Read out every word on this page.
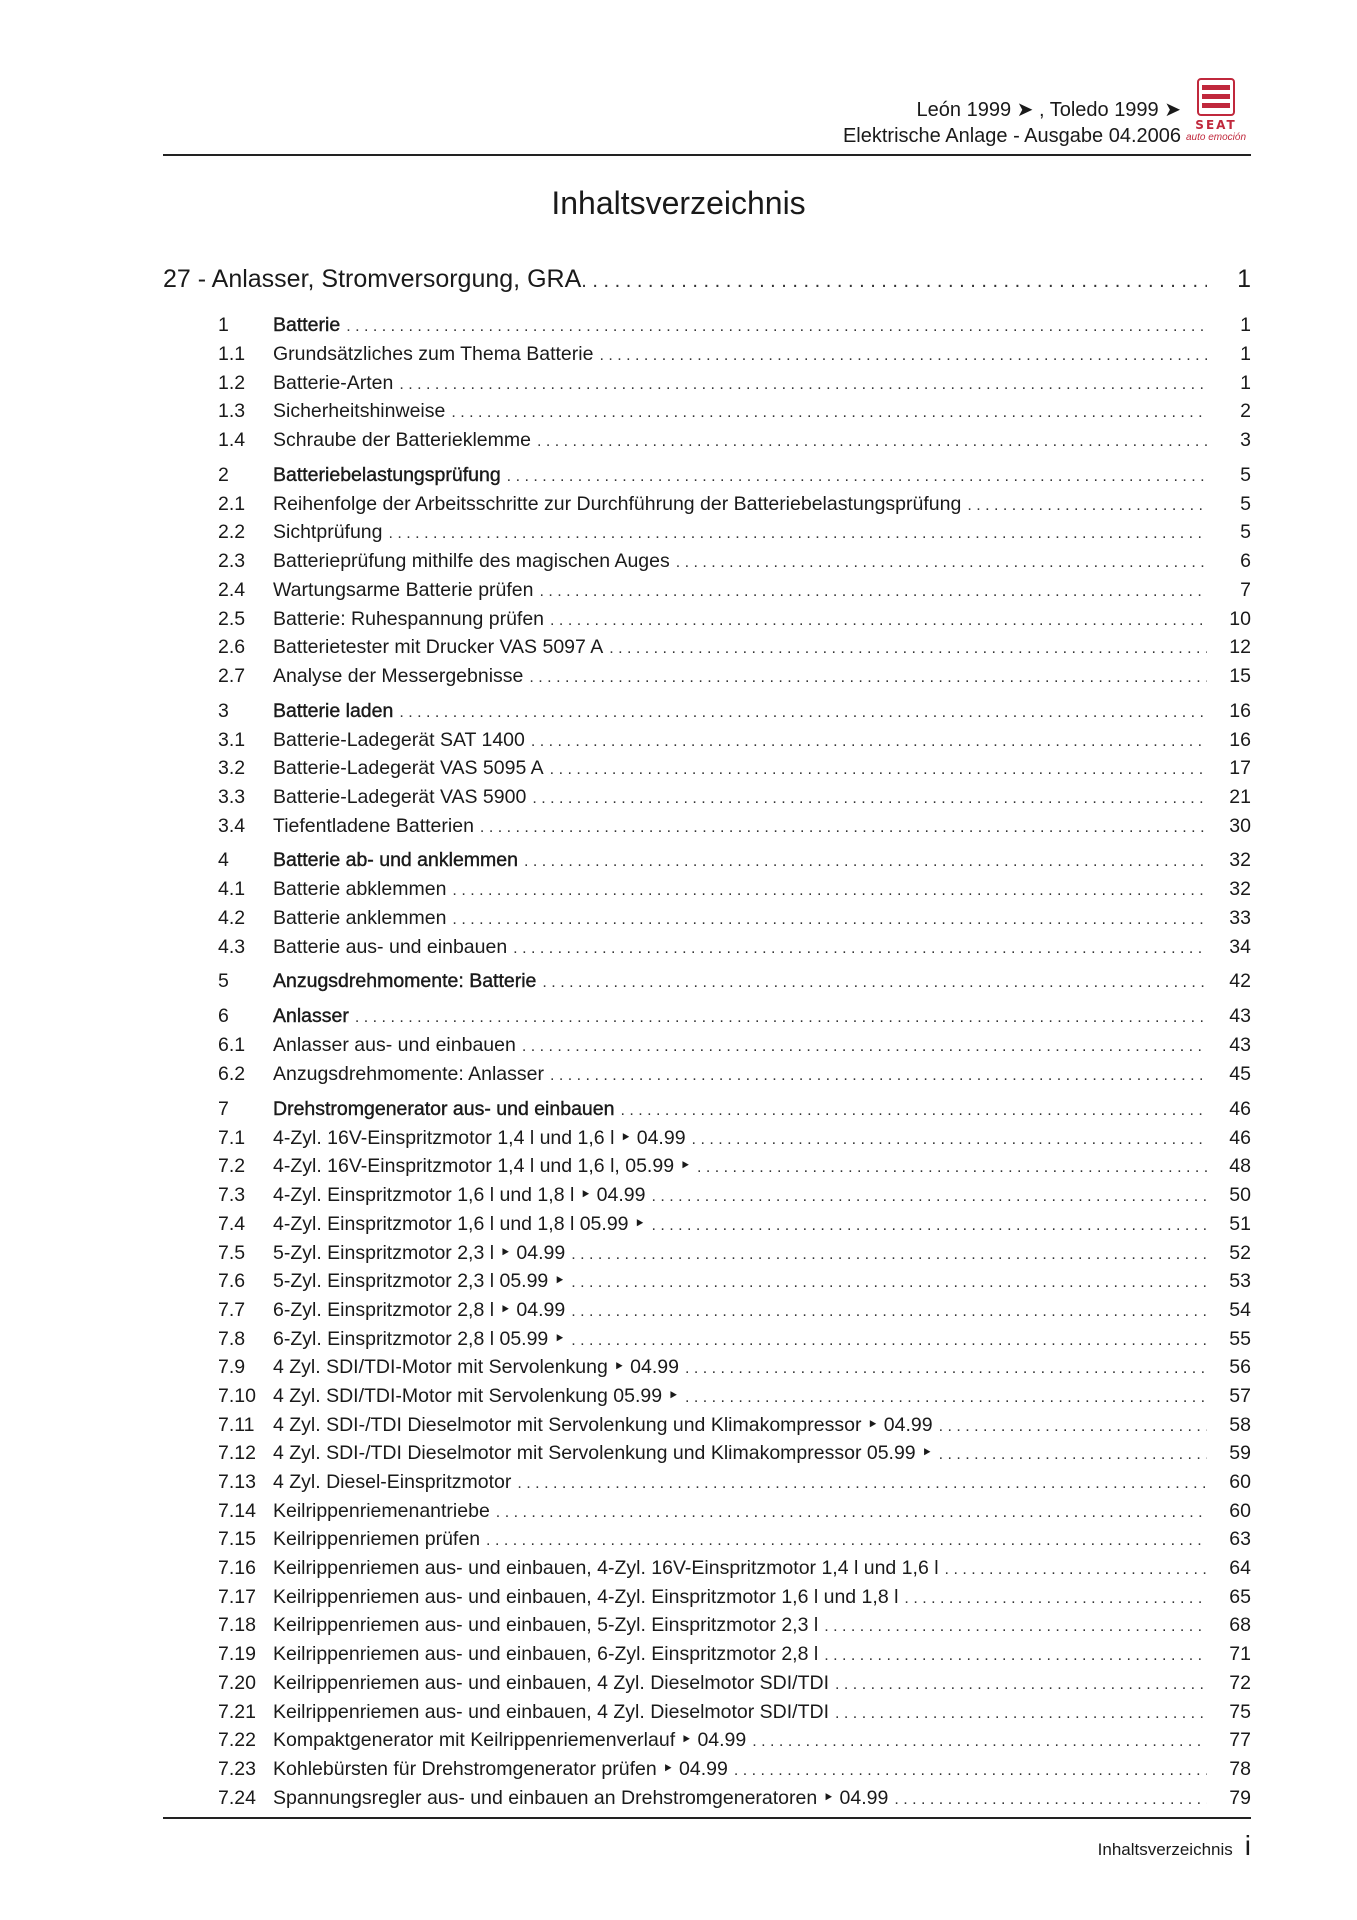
León 1999 ➤ , Toledo 1999 ➤
Elektrische Anlage - Ausgabe 04.2006	SEAT
auto emoción
Inhaltsverzeichnis
27 - Anlasser, Stromversorgung, GRA . . .	1
1	Batterie . . .	1
1.1	Grundsätzliches zum Thema Batterie . . .	1
1.2	Batterie-Arten . . .	1
1.3	Sicherheitshinweise . . .	2
1.4	Schraube der Batterieklemme . . .	3
2	Batteriebelastungsprüfung . . .	5
2.1	Reihenfolge der Arbeitsschritte zur Durchführung der Batteriebelastungsprüfung . . .	5
2.2	Sichtprüfung . . .	5
2.3	Batterieprüfung mithilfe des magischen Auges . . .	6
2.4	Wartungsarme Batterie prüfen . . .	7
2.5	Batterie: Ruhespannung prüfen . . .	10
2.6	Batterietester mit Drucker VAS 5097 A . . .	12
2.7	Analyse der Messergebnisse . . .	15
3	Batterie laden . . .	16
3.1	Batterie-Ladegerät SAT 1400 . . .	16
3.2	Batterie-Ladegerät VAS 5095 A . . .	17
3.3	Batterie-Ladegerät VAS 5900 . . .	21
3.4	Tiefentladene Batterien . . .	30
4	Batterie ab- und anklemmen . . .	32
4.1	Batterie abklemmen . . .	32
4.2	Batterie anklemmen . . .	33
4.3	Batterie aus- und einbauen . . .	34
5	Anzugsdrehmomente: Batterie . . .	42
6	Anlasser . . .	43
6.1	Anlasser aus- und einbauen . . .	43
6.2	Anzugsdrehmomente: Anlasser . . .	45
7	Drehstromgenerator aus- und einbauen . . .	46
7.1	4-Zyl. 16V-Einspritzmotor 1,4 l und 1,6 l ‣ 04.99 . . .	46
7.2	4-Zyl. 16V-Einspritzmotor 1,4 l und 1,6 l, 05.99 ‣ . . .	48
7.3	4-Zyl. Einspritzmotor 1,6 l und 1,8 l ‣ 04.99 . . .	50
7.4	4-Zyl. Einspritzmotor 1,6 l und 1,8 l 05.99 ‣ . . .	51
7.5	5-Zyl. Einspritzmotor 2,3 l ‣ 04.99 . . .	52
7.6	5-Zyl. Einspritzmotor 2,3 l 05.99 ‣ . . .	53
7.7	6-Zyl. Einspritzmotor 2,8 l ‣ 04.99 . . .	54
7.8	6-Zyl. Einspritzmotor 2,8 l 05.99 ‣ . . .	55
7.9	4 Zyl. SDI/TDI-Motor mit Servolenkung ‣ 04.99 . . .	56
7.10 4 Zyl. SDI/TDI-Motor mit Servolenkung 05.99 ‣ . . .	57
7.11 4 Zyl. SDI-/TDI Dieselmotor mit Servolenkung und Klimakompressor ‣ 04.99 . . .	58
7.12 4 Zyl. SDI-/TDI Dieselmotor mit Servolenkung und Klimakompressor 05.99 ‣ . . .	59
7.13 4 Zyl. Diesel-Einspritzmotor . . .	60
7.14 Keilrippenriemenantriebe . . .	60
7.15 Keilrippenriemen prüfen . . .	63
7.16 Keilrippenriemen aus- und einbauen, 4-Zyl. 16V-Einspritzmotor 1,4 l und 1,6 l . . .	64
7.17 Keilrippenriemen aus- und einbauen, 4-Zyl. Einspritzmotor 1,6 l und 1,8 l . . .	65
7.18 Keilrippenriemen aus- und einbauen, 5-Zyl. Einspritzmotor 2,3 l . . .	68
7.19 Keilrippenriemen aus- und einbauen, 6-Zyl. Einspritzmotor 2,8 l . . .	71
7.20 Keilrippenriemen aus- und einbauen, 4 Zyl. Dieselmotor SDI/TDI . . .	72
7.21 Keilrippenriemen aus- und einbauen, 4 Zyl. Dieselmotor SDI/TDI . . .	75
7.22 Kompaktgenerator mit Keilrippenriemenverlauf ‣ 04.99 . . .	77
7.23 Kohlebürsten für Drehstromgenerator prüfen ‣ 04.99 . . .	78
7.24 Spannungsregler aus- und einbauen an Drehstromgeneratoren ‣ 04.99 . . .	79
Inhaltsverzeichnis i
